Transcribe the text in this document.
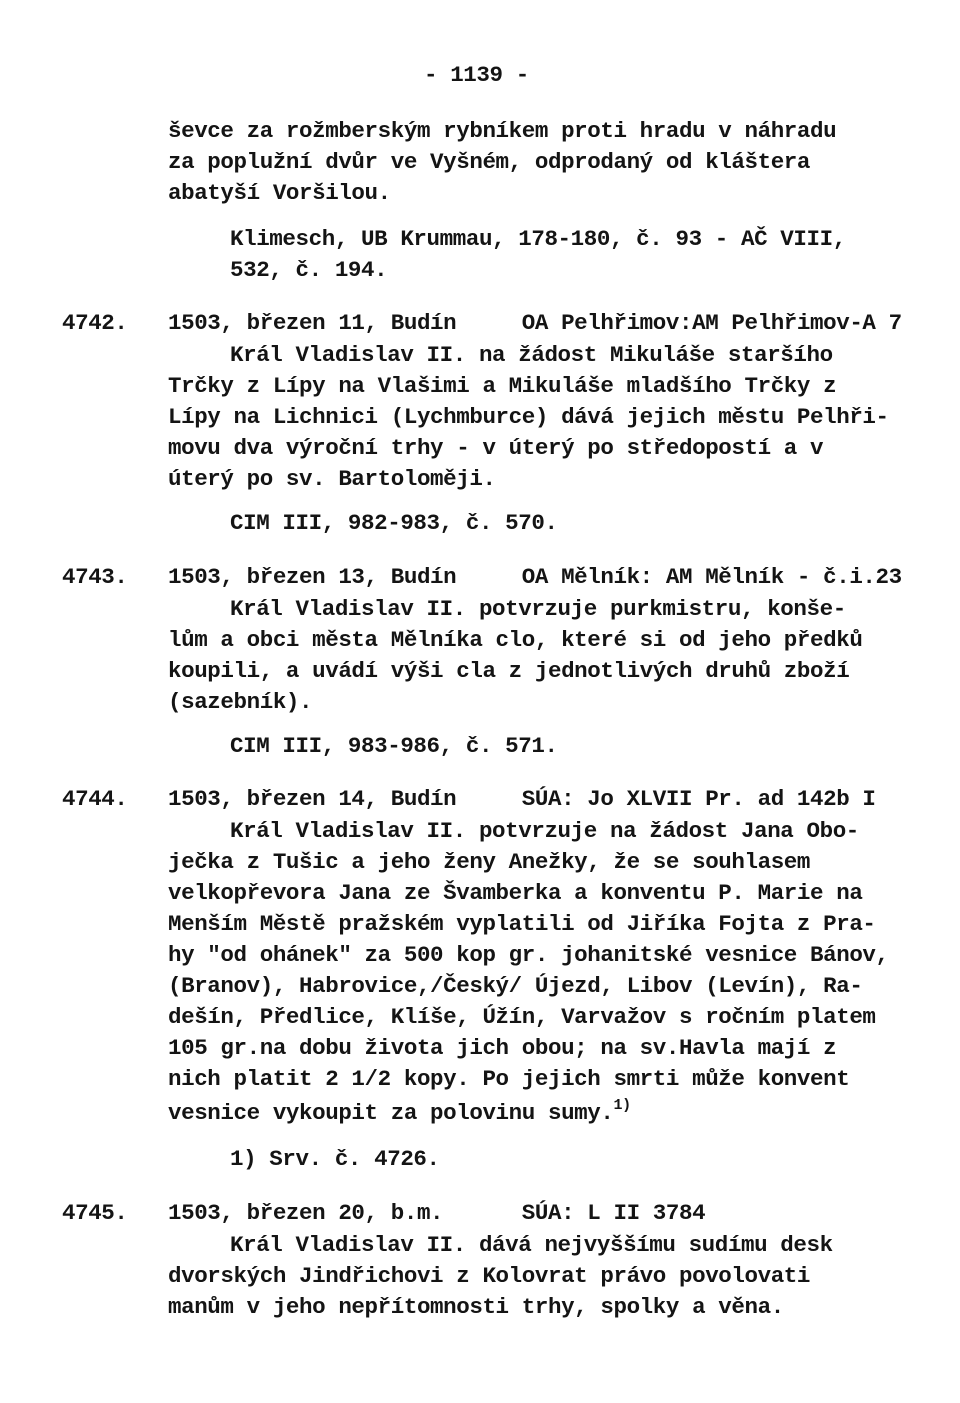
- 1139 -
ševce za rožmberským rybníkem proti hradu v náhradu
za poplužní dvůr ve Vyšném, odprodaný od kláštera
abatyší Voršilou.
Klimesch, UB Krummau, 178-180, č. 93 - AČ VIII,
532, č. 194.
4742. 1503, březen 11, Budín     OA Pelhřimov:AM Pelhřimov-A 7
Král Vladislav II. na žádost Mikuláše staršího
Trčky z Lípy na Vlašimi a Mikuláše mladšího Trčky z
Lípy na Lichnici (Lychmburce) dává jejich městu Pelhři-
movu dva výroční trhy - v úterý po středopostí a v
úterý po sv. Bartoloměji.
CIM III, 982-983, č. 570.
4743. 1503, březen 13, Budín     OA Mělník: AM Mělník - č.i.23
Král Vladislav II. potvrzuje purkmistru, konše-
lům a obci města Mělníka clo, které si od jeho předků
koupili, a uvádí výši cla z jednotlivých druhů zboží
(sazebník).
CIM III, 983-986, č. 571.
4744. 1503, březen 14, Budín     SÚA: Jo XLVII Pr. ad 142b I
Král Vladislav II. potvrzuje na žádost Jana Obo-
ječka z Tušic a jeho ženy Anežky, že se souhlasem
velkopřevora Jana ze Švamberka a konventu P. Marie na
Menším Městě pražském vyplatili od Jiříka Fojta z Pra-
hy "od ohánek" za 500 kop gr. johanitské vesnice Bánov,
(Branov), Habrovice,/Český/ Újezd, Libov (Levín), Ra-
dešín, Předlice, Klíše, Úžín, Varvažov s ročním platem
105 gr.na dobu života jich obou; na sv.Havla mají z
nich platit 2 1/2 kopy. Po jejich smrti může konvent
vesnice vykoupit za polovinu sumy.$^{1)}$
1) Srv. č. 4726.
4745. 1503, březen 20, b.m.      SÚA: L II 3784
Král Vladislav II. dává nejvyššímu sudímu desk
dvorských Jindřichovi z Kolovrat právo povolovati
manům v jeho nepřítomnosti trhy, spolky a věna.
